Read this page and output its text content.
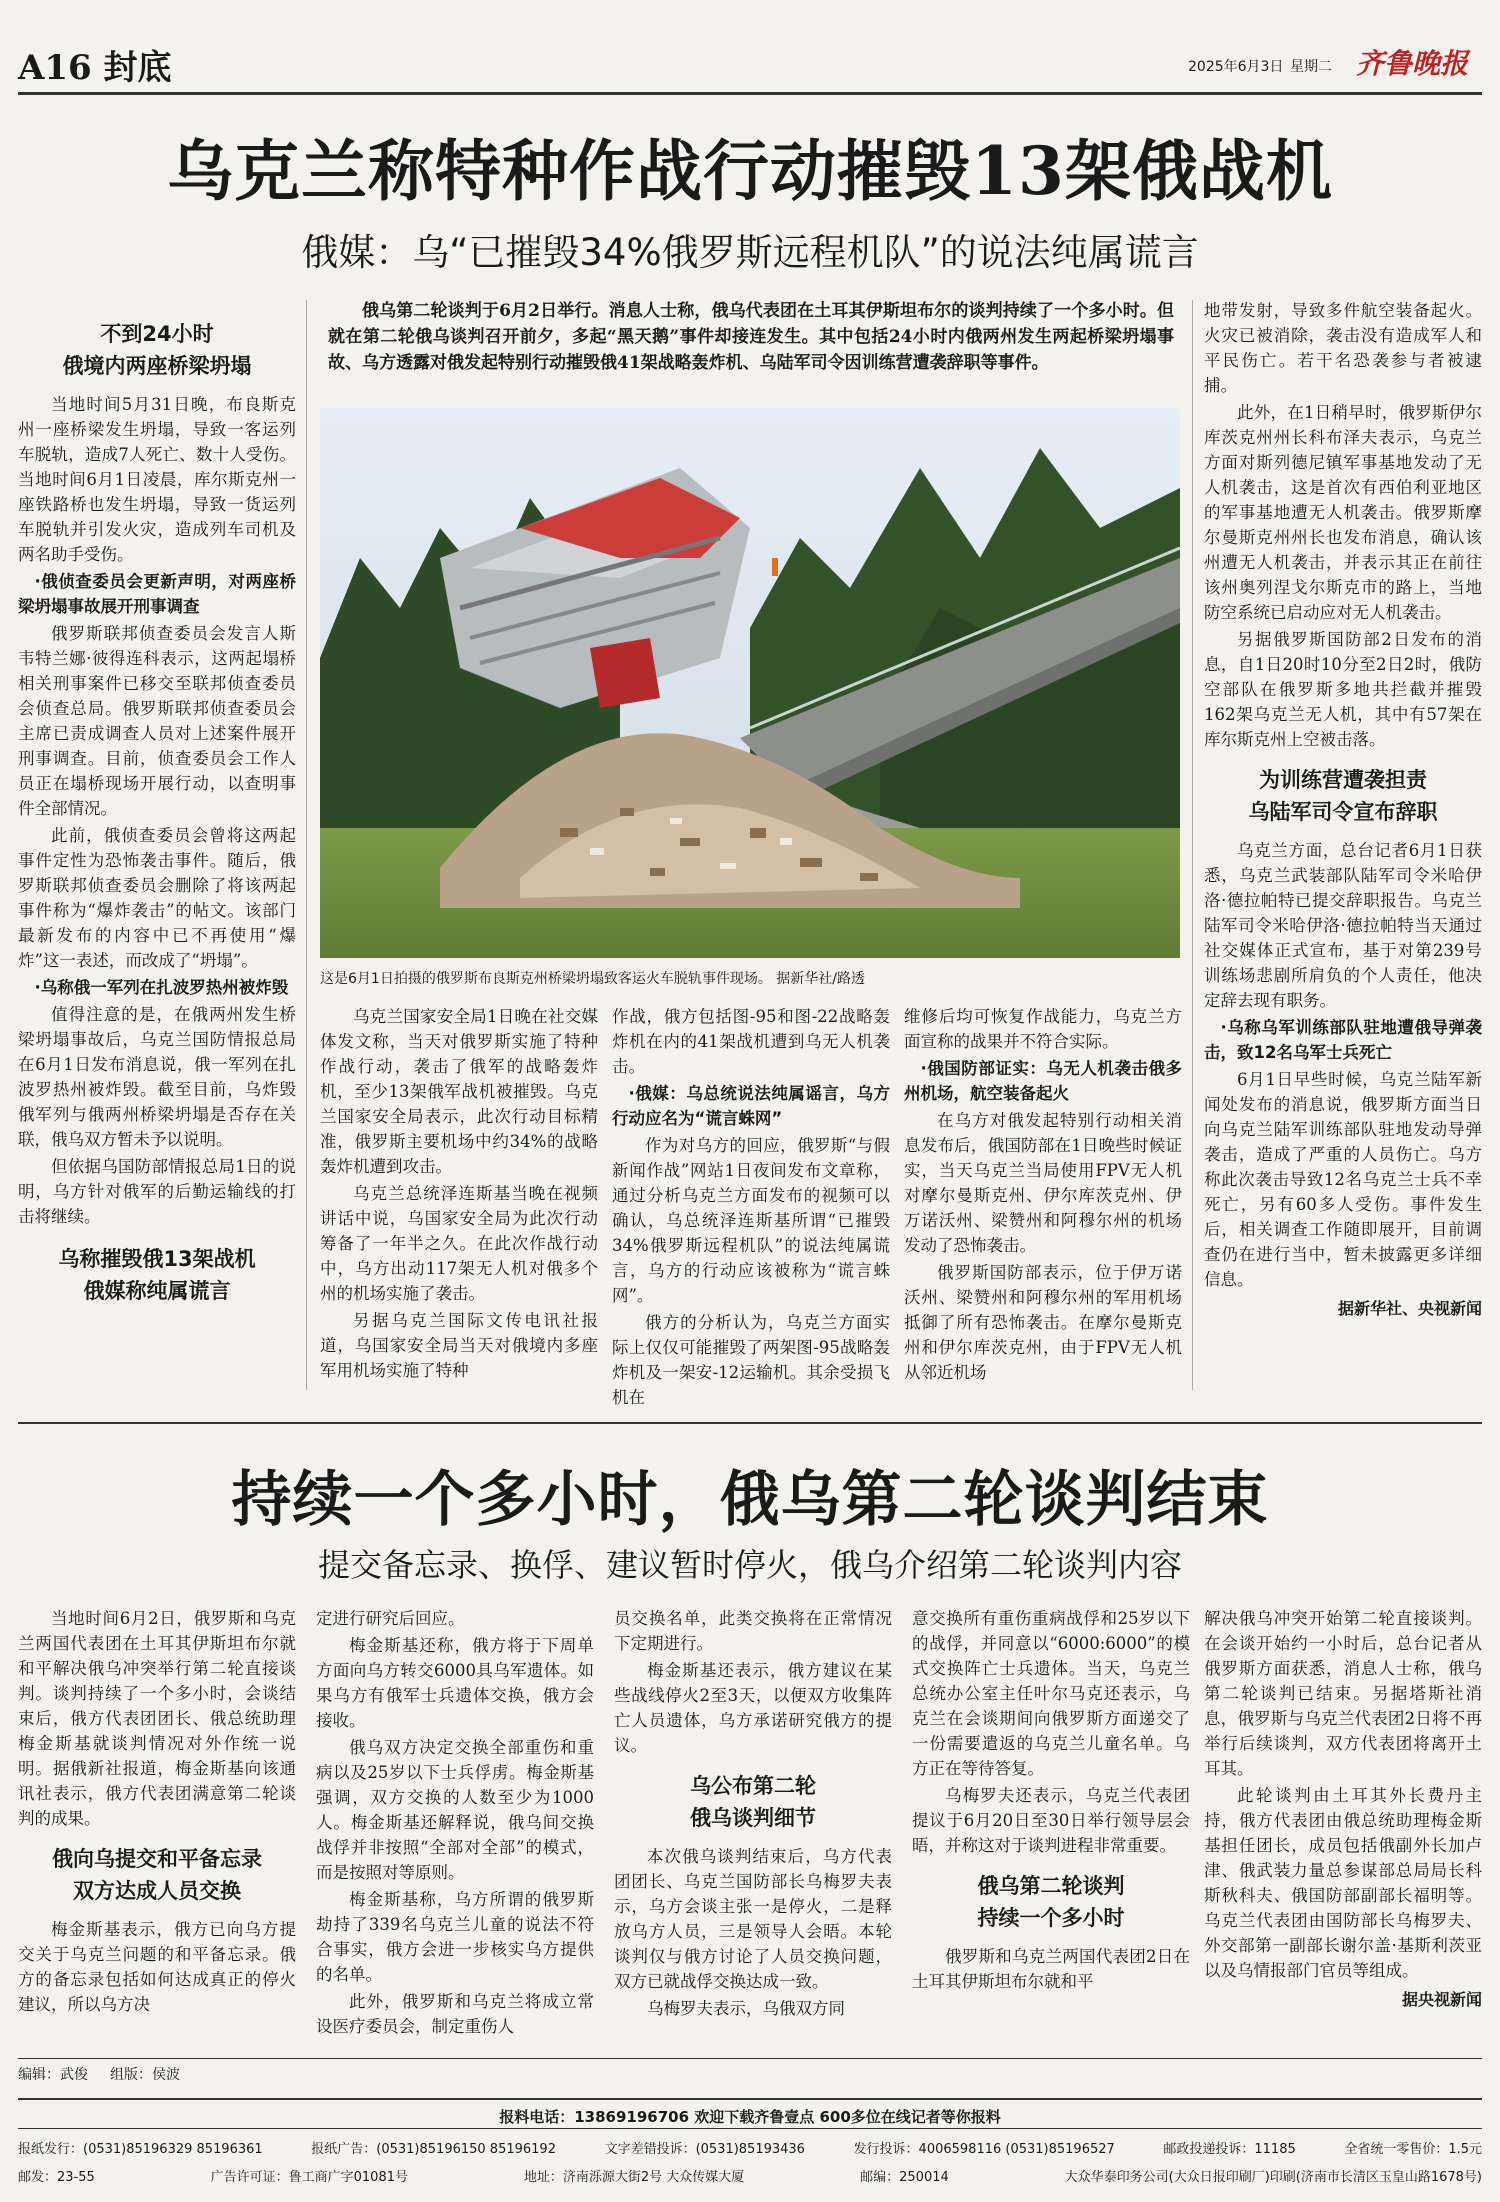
A16 封底	2025年6月3日 星期二 齐鲁晚报
乌克兰称特种作战行动摧毁13架俄战机
俄媒：乌“已摧毁34%俄罗斯远程机队”的说法纯属谎言
俄乌第二轮谈判于6月2日举行。消息人士称，俄乌代表团在土耳其伊斯坦布尔的谈判持续了一个多小时。但就在第二轮俄乌谈判召开前夕，多起“黑天鹅”事件却接连发生。其中包括24小时内俄两州发生两起桥梁坍塌事故、乌方透露对俄发起特别行动摧毁俄41架战略轰炸机、乌陆军司令因训练营遭袭辞职等事件。
这是6月1日拍摄的俄罗斯布良斯克州桥梁坍塌致客运火车脱轨事件现场。 据新华社/路透
不到24小时
俄境内两座桥梁坍塌

当地时间5月31日晚，布良斯克州一座桥梁发生坍塌，导致一客运列车脱轨，造成7人死亡、数十人受伤。当地时间6月1日凌晨，库尔斯克州一座铁路桥也发生坍塌，导致一货运列车脱轨并引发火灾，造成列车司机及两名助手受伤。

·俄侦查委员会更新声明，对两座桥梁坍塌事故展开刑事调查

俄罗斯联邦侦查委员会发言人斯韦特兰娜·彼得连科表示，这两起塌桥相关刑事案件已移交至联邦侦查委员会侦查总局。俄罗斯联邦侦查委员会主席已责成调查人员对上述案件展开刑事调查。目前，侦查委员会工作人员正在塌桥现场开展行动，以查明事件全部情况。

此前，俄侦查委员会曾将这两起事件定性为恐怖袭击事件。随后，俄罗斯联邦侦查委员会删除了将该两起事件称为“爆炸袭击”的帖文。该部门最新发布的内容中已不再使用“爆炸”这一表述，而改成了“坍塌”。

·乌称俄一军列在扎波罗热州被炸毁

值得注意的是，在俄两州发生桥梁坍塌事故后，乌克兰国防情报总局在6月1日发布消息说，俄一军列在扎波罗热州被炸毁。截至目前，乌炸毁俄军列与俄两州桥梁坍塌是否存在关联，俄乌双方暂未予以说明。

但依据乌国防部情报总局1日的说明，乌方针对俄军的后勤运输线的打击将继续。

乌称摧毁俄13架战机
俄媒称纯属谎言

乌克兰国家安全局1日晚在社交媒体发文称，当天对俄罗斯实施了特种作战行动，袭击了俄军的战略轰炸机，至少13架俄军战机被摧毁。乌克兰国家安全局表示，此次行动目标精准，俄罗斯主要机场中约34%的战略轰炸机遭到攻击。

乌克兰总统泽连斯基当晚在视频讲话中说，乌国家安全局为此次行动筹备了一年半之久。在此次作战行动中，乌方出动117架无人机对俄多个州的机场实施了袭击。

另据乌克兰国际文传电讯社报道，乌国家安全局当天对俄境内多座军用机场实施了特种

作战，俄方包括图-95和图-22战略轰炸机在内的41架战机遭到乌无人机袭击。

·俄媒：乌总统说法纯属谣言，乌方行动应名为“谎言蛛网”

作为对乌方的回应，俄罗斯“与假新闻作战”网站1日夜间发布文章称，通过分析乌克兰方面发布的视频可以确认，乌总统泽连斯基所谓“已摧毁34%俄罗斯远程机队”的说法纯属谎言，乌方的行动应该被称为“谎言蛛网”。

俄方的分析认为，乌克兰方面实际上仅仅可能摧毁了两架图-95战略轰炸机及一架安-12运输机。其余受损飞机在

维修后均可恢复作战能力，乌克兰方面宣称的战果并不符合实际。

·俄国防部证实：乌无人机袭击俄多州机场，航空装备起火

在乌方对俄发起特别行动相关消息发布后，俄国防部在1日晚些时候证实，当天乌克兰当局使用FPV无人机对摩尔曼斯克州、伊尔库茨克州、伊万诺沃州、梁赞州和阿穆尔州的机场发动了恐怖袭击。

俄罗斯国防部表示，位于伊万诺沃州、梁赞州和阿穆尔州的军用机场抵御了所有恐怖袭击。在摩尔曼斯克州和伊尔库茨克州，由于FPV无人机从邻近机场

地带发射，导致多件航空装备起火。火灾已被消除，袭击没有造成军人和平民伤亡。若干名恐袭参与者被逮捕。

此外，在1日稍早时，俄罗斯伊尔库茨克州州长科布泽夫表示，乌克兰方面对斯列德尼镇军事基地发动了无人机袭击，这是首次有西伯利亚地区的军事基地遭无人机袭击。俄罗斯摩尔曼斯克州州长也发布消息，确认该州遭无人机袭击，并表示其正在前往该州奥列涅戈尔斯克市的路上，当地防空系统已启动应对无人机袭击。

另据俄罗斯国防部2日发布的消息，自1日20时10分至2日2时，俄防空部队在俄罗斯多地共拦截并摧毁162架乌克兰无人机，其中有57架在库尔斯克州上空被击落。

为训练营遭袭担责
乌陆军司令宣布辞职

乌克兰方面，总台记者6月1日获悉，乌克兰武装部队陆军司令米哈伊洛·德拉帕特已提交辞职报告。乌克兰陆军司令米哈伊洛·德拉帕特当天通过社交媒体正式宣布，基于对第239号训练场悲剧所肩负的个人责任，他决定辞去现有职务。

·乌称乌军训练部队驻地遭俄导弹袭击，致12名乌军士兵死亡

6月1日早些时候，乌克兰陆军新闻处发布的消息说，俄罗斯方面当日向乌克兰陆军训练部队驻地发动导弹袭击，造成了严重的人员伤亡。乌方称此次袭击导致12名乌克兰士兵不幸死亡，另有60多人受伤。事件发生后，相关调查工作随即展开，目前调查仍在进行当中，暂未披露更多详细信息。

据新华社、央视新闻
持续一个多小时，俄乌第二轮谈判结束
提交备忘录、换俘、建议暂时停火，俄乌介绍第二轮谈判内容

当地时间6月2日，俄罗斯和乌克兰两国代表团在土耳其伊斯坦布尔就和平解决俄乌冲突举行第二轮直接谈判。谈判持续了一个多小时，会谈结束后，俄方代表团团长、俄总统助理梅金斯基就谈判情况对外作统一说明。据俄新社报道，梅金斯基向该通讯社表示，俄方代表团满意第二轮谈判的成果。

俄向乌提交和平备忘录
双方达成人员交换

梅金斯基表示，俄方已向乌方提交关于乌克兰问题的和平备忘录。俄方的备忘录包括如何达成真正的停火建议，所以乌方决

定进行研究后回应。

梅金斯基还称，俄方将于下周单方面向乌方转交6000具乌军遗体。如果乌方有俄军士兵遗体交换，俄方会接收。

俄乌双方决定交换全部重伤和重病以及25岁以下士兵俘虏。梅金斯基强调，双方交换的人数至少为1000人。梅金斯基还解释说，俄乌间交换战俘并非按照“全部对全部”的模式，而是按照对等原则。

梅金斯基称，乌方所谓的俄罗斯劫持了339名乌克兰儿童的说法不符合事实，俄方会进一步核实乌方提供的名单。

此外，俄罗斯和乌克兰将成立常设医疗委员会，制定重伤人

员交换名单，此类交换将在正常情况下定期进行。

梅金斯基还表示，俄方建议在某些战线停火2至3天，以便双方收集阵亡人员遗体，乌方承诺研究俄方的提议。

乌公布第二轮
俄乌谈判细节

本次俄乌谈判结束后，乌方代表团团长、乌克兰国防部长乌梅罗夫表示，乌方会谈主张一是停火，二是释放乌方人员，三是领导人会晤。本轮谈判仅与俄方讨论了人员交换问题，双方已就战俘交换达成一致。

乌梅罗夫表示，乌俄双方同

意交换所有重伤重病战俘和25岁以下的战俘，并同意以“6000:6000”的模式交换阵亡士兵遗体。当天，乌克兰总统办公室主任叶尔马克还表示，乌克兰在会谈期间向俄罗斯方面递交了一份需要遣返的乌克兰儿童名单。乌方正在等待答复。

乌梅罗夫还表示，乌克兰代表团提议于6月20日至30日举行领导层会晤，并称这对于谈判进程非常重要。

俄乌第二轮谈判
持续一个多小时

俄罗斯和乌克兰两国代表团2日在土耳其伊斯坦布尔就和平

解决俄乌冲突开始第二轮直接谈判。在会谈开始约一小时后，总台记者从俄罗斯方面获悉，消息人士称，俄乌第二轮谈判已结束。另据塔斯社消息，俄罗斯与乌克兰代表团2日将不再举行后续谈判，双方代表团将离开土耳其。

此轮谈判由土耳其外长费丹主持，俄方代表团由俄总统助理梅金斯基担任团长，成员包括俄副外长加卢津、俄武装力量总参谋部总局局长科斯秋科夫、俄国防部副部长福明等。乌克兰代表团由国防部长乌梅罗夫、外交部第一副部长谢尔盖·基斯利茨亚以及乌情报部门官员等组成。

据央视新闻
编辑：武俊 组版：侯波
报料电话：13869196706 欢迎下载齐鲁壹点 600多位在线记者等你报料
报纸发行：(0531)85196329 85196361	报纸广告：(0531)85196150 85196192	文字差错投诉：(0531)85193436	发行投诉：4006598116 (0531)85196527	邮政投递投诉：11185	全省统一零售价：1.5元
邮发：23-55	广告许可证：鲁工商广字01081号	地址：济南泺源大街2号 大众传媒大厦	邮编：250014	大众华泰印务公司(大众日报印刷厂)印刷(济南市长清区玉皇山路1678号)
